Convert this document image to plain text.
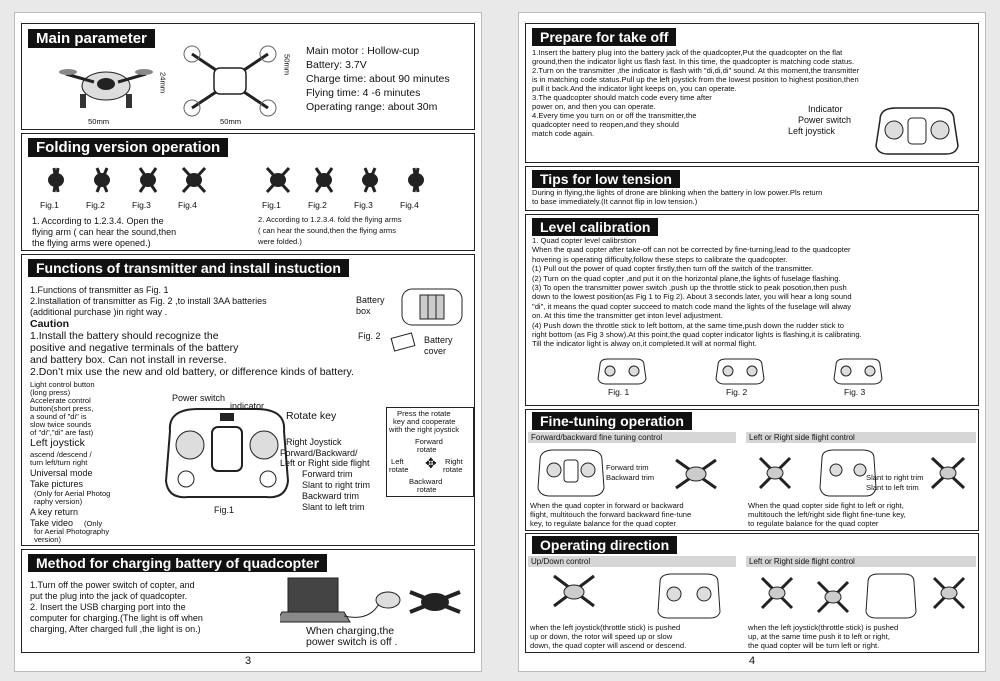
Main parameter
24mm
50mm
50mm
50mm
Main motor : Hollow-cup
Battery: 3.7V
Charge time: about 90 minutes
Flying time: 4 -6 minutes
Operating range: about 30m
Folding version operation
Fig.1	Fig.2	Fig.3	Fig.4	Fig.1	Fig.2	Fig.3	Fig.4
1. According to 1.2.3.4. Open the
flying arm ( can hear the sound,then
the flying arms were opened.)
2. According to 1.2.3.4. fold the flying arms
( can hear the sound,then the flying arms
were folded.)
Functions of transmitter and install instuction
1.Functions of transmitter as Fig. 1
2.Installation of transmitter as Fig. 2 ,to install 3AA batteries
(additional purchase )in right way .
Caution
1.Install the battery should recognize the
positive and negative terminals of the battery
and battery box. Can not install in reverse.
2.Don’t mix use the new and old battery, or difference kinds of battery.
Battery
box
Fig. 2	Battery
cover
Light control button
(long press)
Accelerate control
button(short press,
a sound of "di" is
slow twice sounds
of "di","di" are fast)
Left joystick
ascend /descend /
turn left/turn right
Universal mode
Take pictures
(Only for Aerial Photog
raphy version)
A key return
Take video (Only
for Aerial Photography
version)
Power switch
indicator
Rotate key
Right Joystick
Forward/Backward/
Left or Right side flight
Forward trim
Slant to right trim
Backward trim
Slant to left trim
Fig.1
Press the rotate
key and cooperate
with the right joystick
Forward
rotate
Left
rotate ✥ Right
rotate
Backward
rotate
Method for charging battery of quadcopter
1.Turn off the power switch of copter, and
put the plug into the jack of quadcopter.
2. Insert the USB charging port into the
computer for charging.(The light is off when
charging, After charged full ,the light is on.)	When charging,the
power switch is off .
3
Prepare for take off
1.Insert the battery plug into the battery jack of the quadcopter,Put the quadcopter on the flat
ground,then the indicator light us flash fast. In this time, the quadcopter is matching code status.
2.Turn on the transmitter ,the indicator is flash with "di,di,di" sound. At this moment,the transmitter
is in matching code status.Pull up the left joystick from the lowest position to highest position,then
pull it back.And the indicator light keeps on, you can operate.
3.The quadcopter should match code every time after
power on, and then you can operate.
4.Every time you turn on or off the transmitter,the
quadcopter need to reopen,and they should
match code again.
Indicator
Power switch
Left joystick
Tips for low tension
During in flying,the lights of drone are blinking when the battery in low power.Pls return
to base immediately.(It cannot flip in low tension.)
Level calibration
1. Quad copter level calibrstion
When the quad copter after take-off can not be corrected by fine-turning,lead to the quadcopter
hovering is operating difficulty,follow these steps to calibrate the quadcopter.
(1) Pull out the power of quad copter firstly,then turn off the switch of the transmitter.
(2) Turn on the quad copter ,and put it on the horizontal plane,the lights of fuselage flashing.
(3) To open the transmitter power switch ,push up the throttle stick to peak posotion,then push
down to the lowest position(as Fig 1 to Fig 2). About 3 seconds later, you will hear a long sound
"di", it means the quad copter succeed to match code mand the lights of the fuselage will alway
on. At this time the transmitter get inton level adjustment.
(4) Push down the throttle stick to left bottom, at the same time,push down the rudder stick to
right bottom (as Fig 3 show).At this point,the quad copter indicator lights is flashing,it is calibrating.
Till the indicator light is alway on,it completed.It will at normal flight.
Fig. 1	Fig. 2	Fig. 3
Fine-tuning operation
Forward/backward fine tuning control	Left or Right side flight control
Forward trim
Backward trim	Slant to right trim
Slant to left trim
When the quad copter in forward or backward
flight, multitouch the forward backward fine-tune
key, to regulate balance for the quad copter
When the quad copter side fight to left or right,
multitouch the left/right side flight fine-tune key,
to regulate balance for the quad copter
Operating direction
Up/Down control	Left or Right side flight control
when the left joystick(throttle stick) is pushed
up or down, the rotor will speed up or slow
down, the quad copter will ascend or descend.
when the left joystick(throttle stick) is pushed
up, at the same time push it to left or right,
the quad copter will be turn left or right.
4
